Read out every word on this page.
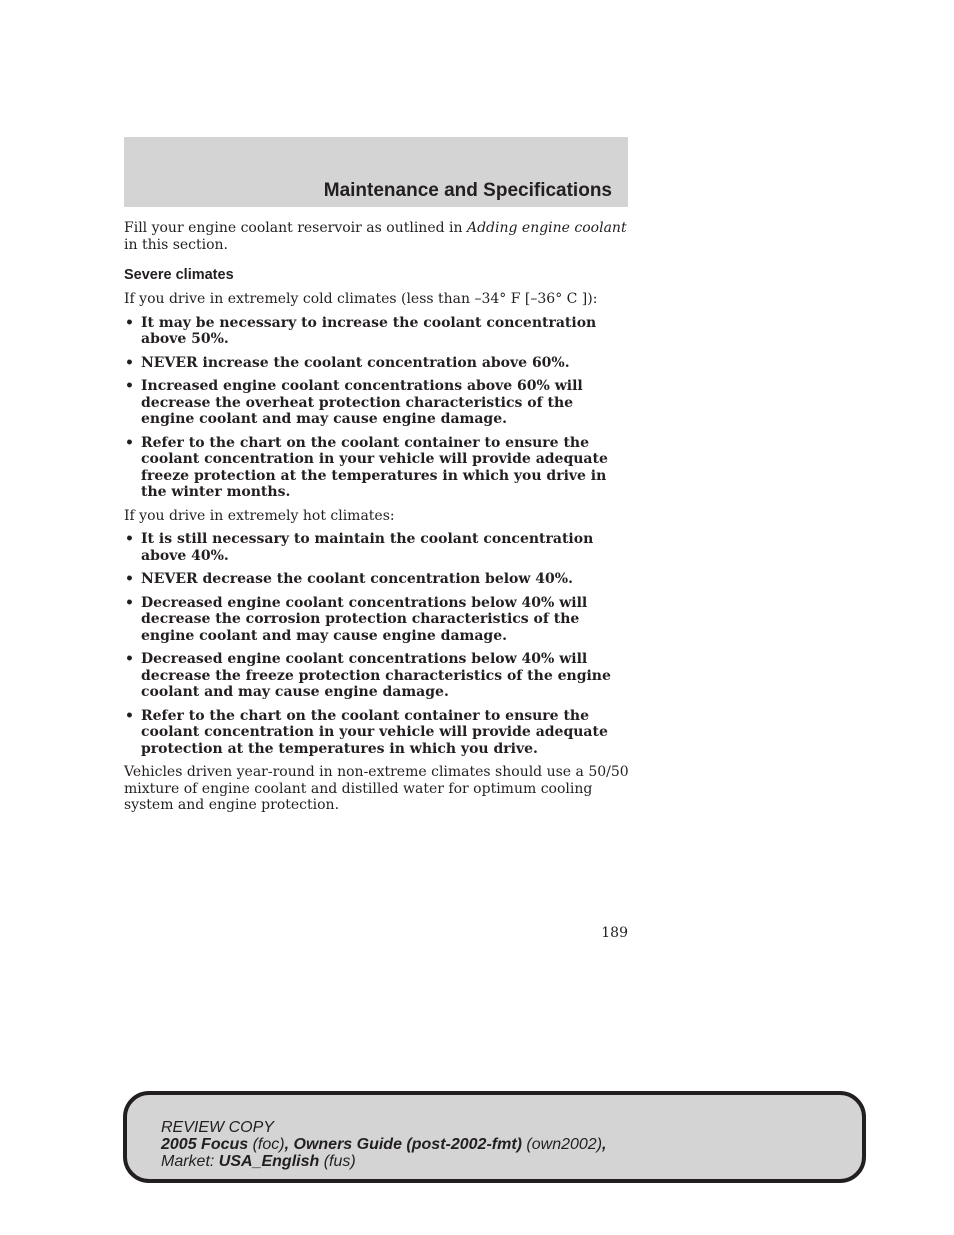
Maintenance and Specifications

Fill your engine coolant reservoir as outlined in Adding engine coolant
in this section.

Severe climates

If you drive in extremely cold climates (less than –34° F [–36° C ]):

• It may be necessary to increase the coolant concentration above 50%.
• NEVER increase the coolant concentration above 60%.
• Increased engine coolant concentrations above 60% will decrease the overheat protection characteristics of the engine coolant and may cause engine damage.
• Refer to the chart on the coolant container to ensure the coolant concentration in your vehicle will provide adequate freeze protection at the temperatures in which you drive in the winter months.

If you drive in extremely hot climates:

• It is still necessary to maintain the coolant concentration above 40%.
• NEVER decrease the coolant concentration below 40%.
• Decreased engine coolant concentrations below 40% will decrease the corrosion protection characteristics of the engine coolant and may cause engine damage.
• Decreased engine coolant concentrations below 40% will decrease the freeze protection characteristics of the engine coolant and may cause engine damage.
• Refer to the chart on the coolant container to ensure the coolant concentration in your vehicle will provide adequate protection at the temperatures in which you drive.

Vehicles driven year-round in non-extreme climates should use a 50/50 mixture of engine coolant and distilled water for optimum cooling system and engine protection.

189
REVIEW COPY
2005 Focus (foc), Owners Guide (post-2002-fmt) (own2002),
Market: USA_English (fus)
